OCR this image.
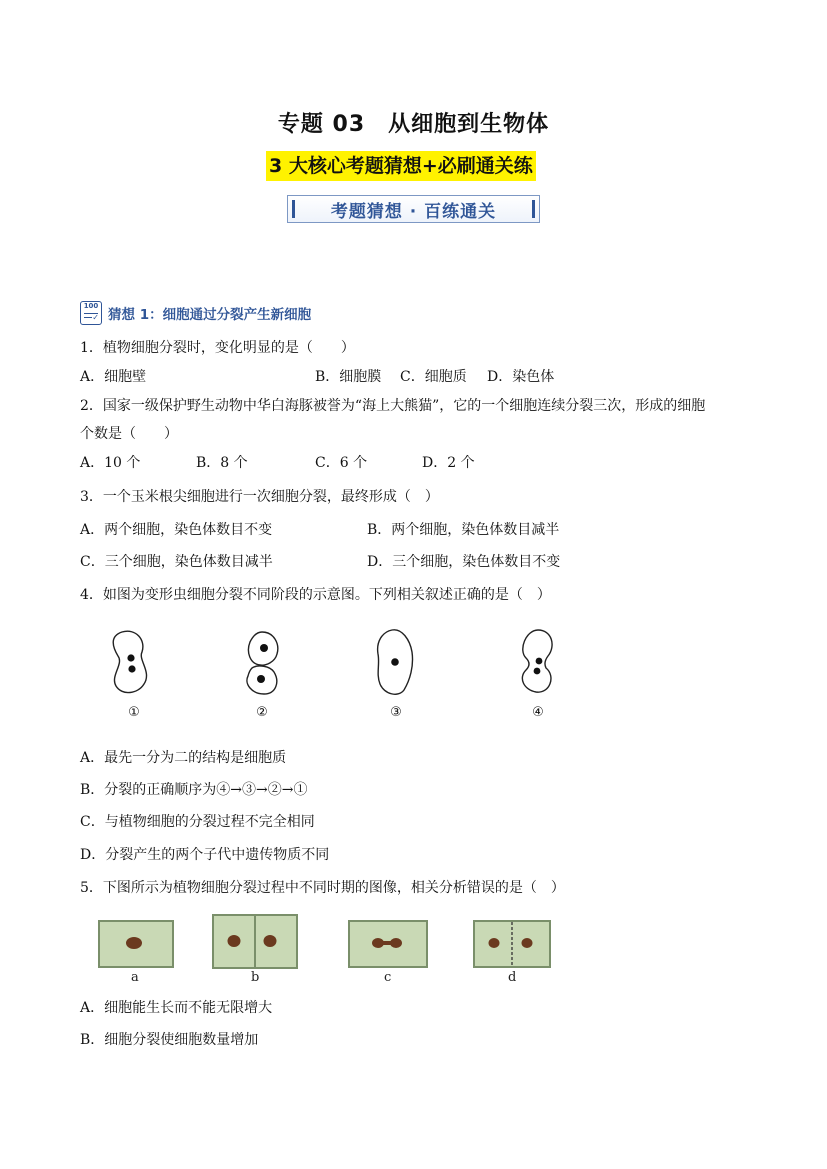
专题 03　从细胞到生物体
3 大核心考题猜想+必刷通关练
考题猜想 · 百练通关
100
✓ 猜想 1：细胞通过分裂产生新细胞
1．植物细胞分裂时，变化明显的是（　　）
A．细胞壁	B．细胞膜 C．细胞质 D．染色体
2．国家一级保护野生动物中华白海豚被誉为“海上大熊猫”，它的一个细胞连续分裂三次，形成的细胞
个数是（　　）
A．10 个	B．8 个	C．6 个	D．2 个
3．一个玉米根尖细胞进行一次细胞分裂，最终形成（　）
A．两个细胞，染色体数目不变	B．两个细胞，染色体数目减半
C．三个细胞，染色体数目减半	D．三个细胞，染色体数目不变
4．如图为变形虫细胞分裂不同阶段的示意图。下列相关叙述正确的是（　）
①	②	③	④
A．最先一分为二的结构是细胞质
B．分裂的正确顺序为④→③→②→①
C．与植物细胞的分裂过程不完全相同
D．分裂产生的两个子代中遗传物质不同
5．下图所示为植物细胞分裂过程中不同时期的图像，相关分析错误的是（　）
a	b	c	d
A．细胞能生长而不能无限增大
B．细胞分裂使细胞数量增加
